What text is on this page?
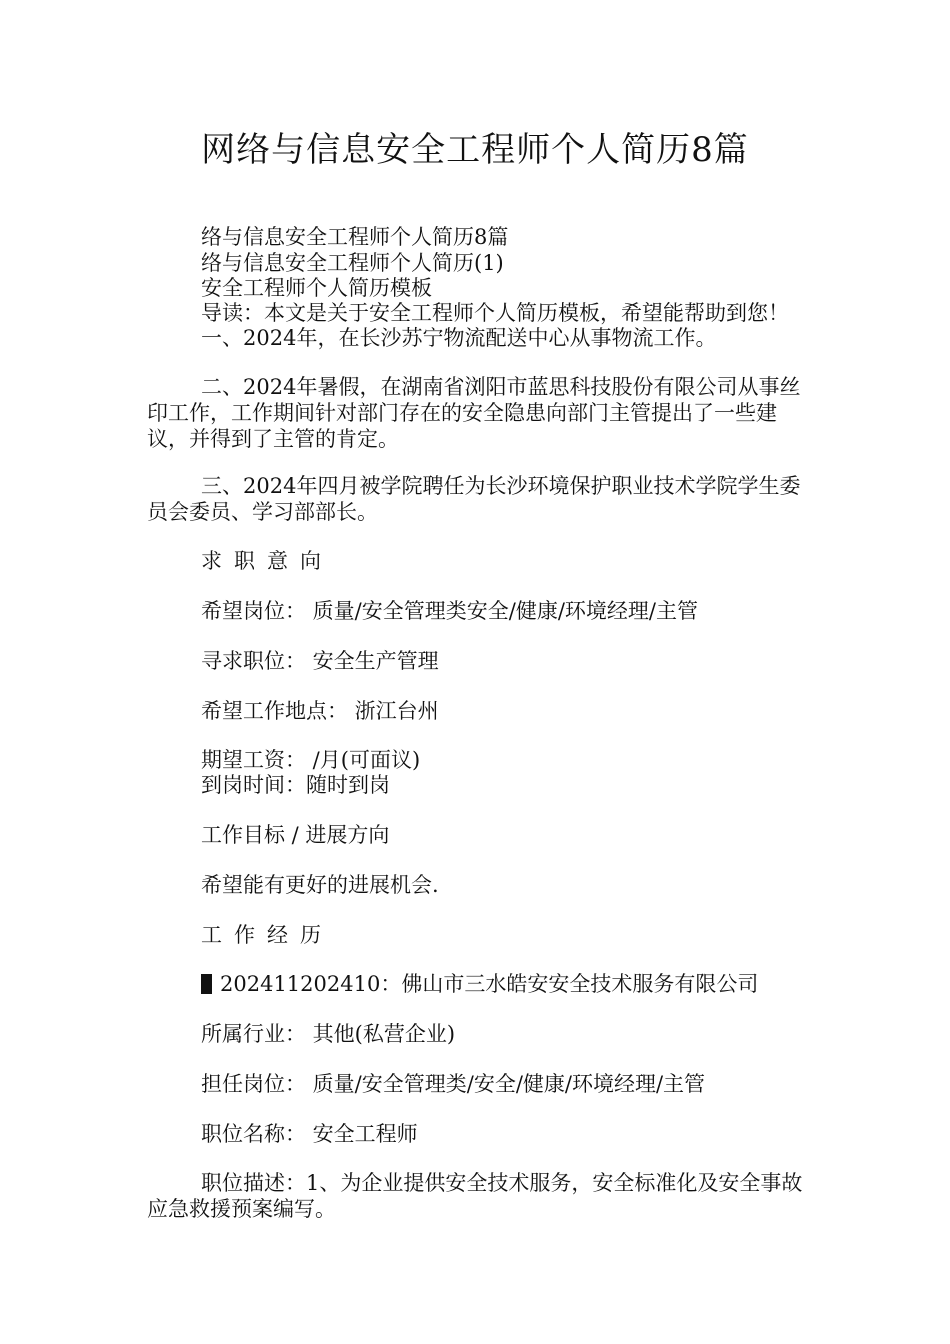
网络与信息安全工程师个人简历8篇
络与信息安全工程师个人简历8篇
络与信息安全工程师个人简历(1)
安全工程师个人简历模板
导读：本文是关于安全工程师个人简历模板，希望能帮助到您！
一、2024年，在长沙苏宁物流配送中心从事物流工作。
二、2024年暑假，在湖南省浏阳市蓝思科技股份有限公司从事丝印工作，工作期间针对部门存在的安全隐患向部门主管提出了一些建议，并得到了主管的肯定。
三、2024年四月被学院聘任为长沙环境保护职业技术学院学生委员会委员、学习部部长。
求职意向
希望岗位： 质量/安全管理类安全/健康/环境经理/主管
寻求职位： 安全生产管理
希望工作地点： 浙江台州
期望工资： /月(可面议)
到岗时间：随时到岗
工作目标 / 进展方向
希望能有更好的进展机会.
工作经历
202411202410：佛山市三水皓安安全技术服务有限公司
所属行业： 其他(私营企业)
担任岗位： 质量/安全管理类/安全/健康/环境经理/主管
职位名称： 安全工程师
职位描述：1、为企业提供安全技术服务，安全标准化及安全事故应急救援预案编写。
